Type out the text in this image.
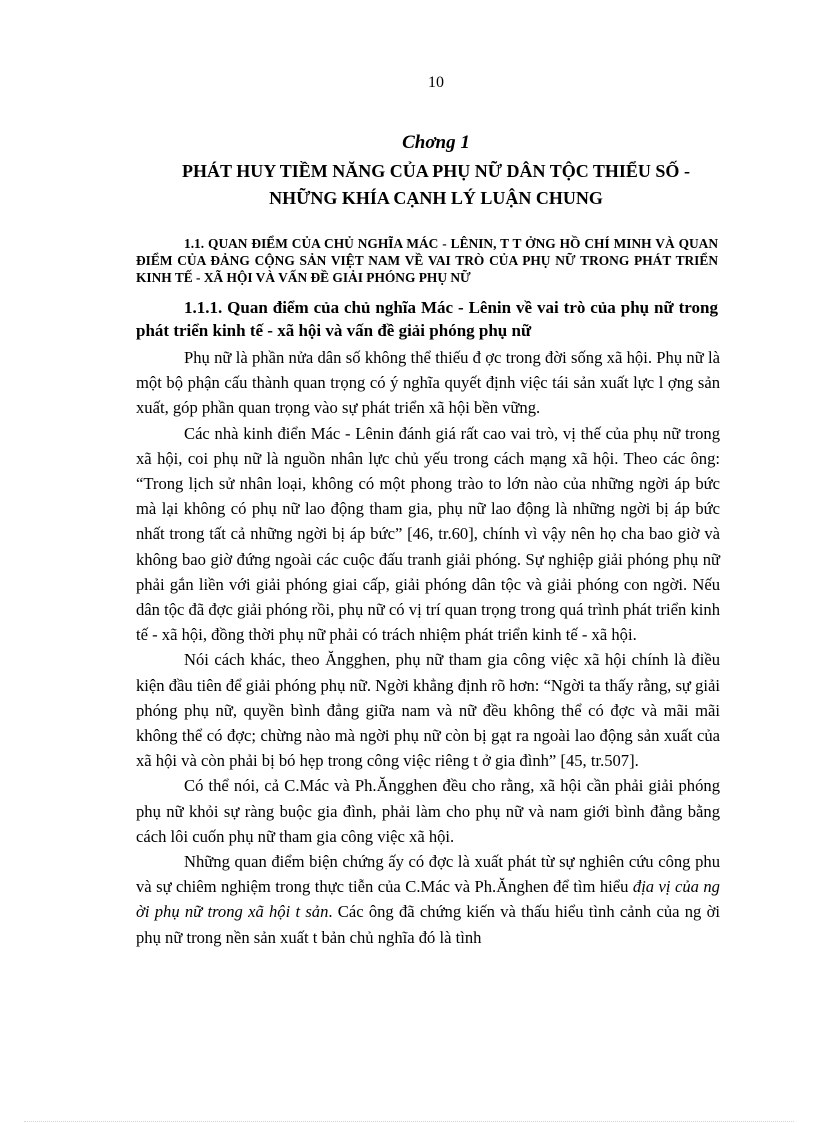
10
Chơng 1
PHÁT HUY TIỀM NĂNG CỦA PHỤ NỮ DÂN TỘC THIỂU SỐ -
NHỮNG KHÍA CẠNH LÝ LUẬN CHUNG
1.1. QUAN ĐIỂM CỦA CHỦ NGHĨA MÁC - LÊNIN, T T ỞNG HỒ CHÍ MINH VÀ QUAN ĐIỂM CỦA ĐẢNG CỘNG SẢN VIỆT NAM VỀ VAI TRÒ CỦA PHỤ NỮ TRONG PHÁT TRIỂN KINH TẾ - XÃ HỘI VÀ VẤN ĐỀ GIẢI PHÓNG PHỤ NỮ
1.1.1. Quan điểm của chủ nghĩa Mác - Lênin về vai trò của phụ nữ trong phát triển kinh tế - xã hội và vấn đề giải phóng phụ nữ

Phụ nữ là phần nửa dân số không thể thiếu đ ợc trong đời sống xã hội. Phụ nữ là một bộ phận cấu thành quan trọng có ý nghĩa quyết định việc tái sản xuất lực l ợng sản xuất, góp phần quan trọng vào sự phát triển xã hội bền vững.

Các nhà kinh điển Mác - Lênin đánh giá rất cao vai trò, vị thế của phụ nữ trong xã hội, coi phụ nữ là nguồn nhân lực chủ yếu trong cách mạng xã hội. Theo các ông: “Trong lịch sử nhân loại, không có một phong trào to lớn nào của những ngời áp bức mà lại không có phụ nữ lao động tham gia, phụ nữ lao động là những ngời bị áp bức nhất trong tất cả những ngời bị áp bức” [46, tr.60], chính vì vậy nên họ cha bao giờ và không bao giờ đứng ngoài các cuộc đấu tranh giải phóng. Sự nghiệp giải phóng phụ nữ phải gắn liền với giải phóng giai cấp, giải phóng dân tộc và giải phóng con ngời. Nếu dân tộc đã đợc giải phóng rồi, phụ nữ có vị trí quan trọng trong quá trình phát triển kinh tế - xã hội, đồng thời phụ nữ phải có trách nhiệm phát triển kinh tế - xã hội.

Nói cách khác, theo Ăngghen, phụ nữ tham gia công việc xã hội chính là điều kiện đầu tiên để giải phóng phụ nữ. Ngời khẳng định rõ hơn: “Ngời ta thấy rằng, sự giải phóng phụ nữ, quyền bình đẳng giữa nam và nữ đều không thể có đợc và mãi mãi không thể có đợc; chừng nào mà ngời phụ nữ còn bị gạt ra ngoài lao động sản xuất của xã hội và còn phải bị bó hẹp trong công việc riêng t ở gia đình” [45, tr.507].

Có thể nói, cả C.Mác và Ph.Ăngghen đều cho rằng, xã hội cần phải giải phóng phụ nữ khỏi sự ràng buộc gia đình, phải làm cho phụ nữ và nam giới bình đẳng bằng cách lôi cuốn phụ nữ tham gia công việc xã hội.

Những quan điểm biện chứng ấy có đợc là xuất phát từ sự nghiên cứu công phu và sự chiêm nghiệm trong thực tiễn của C.Mác và Ph.Ănghen để tìm hiểu địa vị của ng ời phụ nữ trong xã hội t sản. Các ông đã chứng kiến và thấu hiểu tình cảnh của ng ời phụ nữ trong nền sản xuất t bản chủ nghĩa đó là tình
